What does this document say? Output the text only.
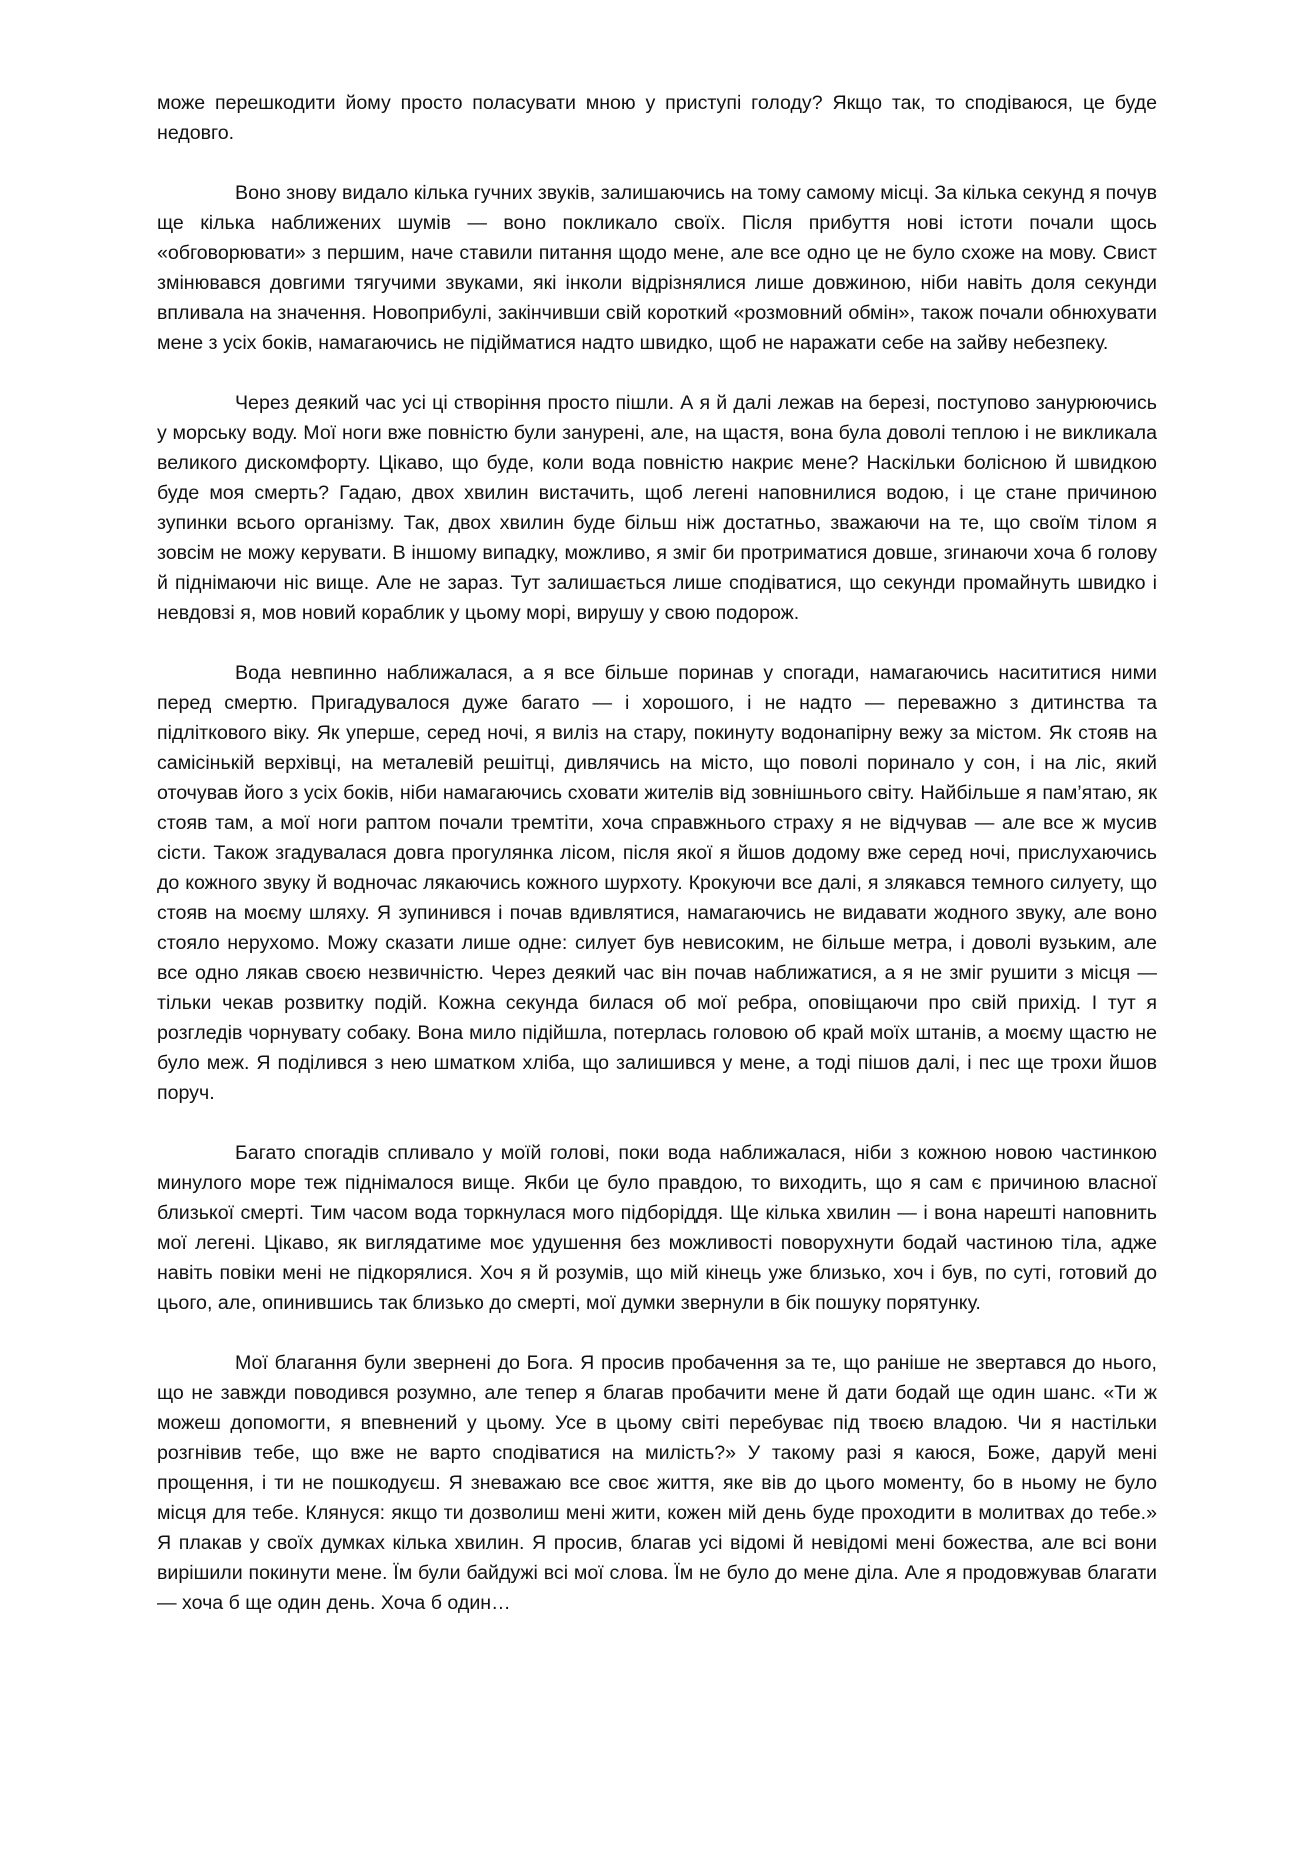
може перешкодити йому просто поласувати мною у приступі голоду? Якщо так, то сподіваюся, це буде недовго.

Воно знову видало кілька гучних звуків, залишаючись на тому самому місці. За кілька секунд я почув ще кілька наближених шумів — воно покликало своїх. Після прибуття нові істоти почали щось «обговорювати» з першим, наче ставили питання щодо мене, але все одно це не було схоже на мову. Свист змінювався довгими тягучими звуками, які інколи відрізнялися лише довжиною, ніби навіть доля секунди впливала на значення. Новоприбулі, закінчивши свій короткий «розмовний обмін», також почали обнюхувати мене з усіх боків, намагаючись не підійматися надто швидко, щоб не наражати себе на зайву небезпеку.

Через деякий час усі ці створіння просто пішли. А я й далі лежав на березі, поступово занурюючись у морську воду. Мої ноги вже повністю були занурені, але, на щастя, вона була доволі теплою і не викликала великого дискомфорту. Цікаво, що буде, коли вода повністю накриє мене? Наскільки болісною й швидкою буде моя смерть? Гадаю, двох хвилин вистачить, щоб легені наповнилися водою, і це стане причиною зупинки всього організму. Так, двох хвилин буде більш ніж достатньо, зважаючи на те, що своїм тілом я зовсім не можу керувати. В іншому випадку, можливо, я зміг би протриматися довше, згинаючи хоча б голову й піднімаючи ніс вище. Але не зараз. Тут залишається лише сподіватися, що секунди промайнуть швидко і невдовзі я, мов новий кораблик у цьому морі, вирушу у свою подорож.

Вода невпинно наближалася, а я все більше поринав у спогади, намагаючись насититися ними перед смертю. Пригадувалося дуже багато — і хорошого, і не надто — переважно з дитинства та підліткового віку. Як уперше, серед ночі, я виліз на стару, покинуту водонапірну вежу за містом. Як стояв на самісінькій верхівці, на металевій решітці, дивлячись на місто, що поволі поринало у сон, і на ліс, який оточував його з усіх боків, ніби намагаючись сховати жителів від зовнішнього світу. Найбільше я пам’ятаю, як стояв там, а мої ноги раптом почали тремтіти, хоча справжнього страху я не відчував — але все ж мусив сісти. Також згадувалася довга прогулянка лісом, після якої я йшов додому вже серед ночі, прислухаючись до кожного звуку й водночас лякаючись кожного шурхоту. Крокуючи все далі, я злякався темного силуету, що стояв на моєму шляху. Я зупинився і почав вдивлятися, намагаючись не видавати жодного звуку, але воно стояло нерухомо. Можу сказати лише одне: силует був невисоким, не більше метра, і доволі вузьким, але все одно лякав своєю незвичністю. Через деякий час він почав наближатися, а я не зміг рушити з місця — тільки чекав розвитку подій. Кожна секунда билася об мої ребра, оповіщаючи про свій прихід. І тут я розгледів чорнувату собаку. Вона мило підійшла, потерлась головою об край моїх штанів, а моєму щастю не було меж. Я поділився з нею шматком хліба, що залишився у мене, а тоді пішов далі, і пес ще трохи йшов поруч.

Багато спогадів спливало у моїй голові, поки вода наближалася, ніби з кожною новою частинкою минулого море теж піднімалося вище. Якби це було правдою, то виходить, що я сам є причиною власної близької смерті. Тим часом вода торкнулася мого підборіддя. Ще кілька хвилин — і вона нарешті наповнить мої легені. Цікаво, як виглядатиме моє удушення без можливості поворухнути бодай частиною тіла, адже навіть повіки мені не підкорялися. Хоч я й розумів, що мій кінець уже близько, хоч і був, по суті, готовий до цього, але, опинившись так близько до смерті, мої думки звернули в бік пошуку порятунку.

Мої благання були звернені до Бога. Я просив пробачення за те, що раніше не звертався до нього, що не завжди поводився розумно, але тепер я благав пробачити мене й дати бодай ще один шанс. «Ти ж можеш допомогти, я впевнений у цьому. Усе в цьому світі перебуває під твоєю владою. Чи я настільки розгнівив тебе, що вже не варто сподіватися на милість?» У такому разі я каюся, Боже, даруй мені прощення, і ти не пошкодуєш. Я зневажаю все своє життя, яке вів до цього моменту, бо в ньому не було місця для тебе. Клянуся: якщо ти дозволиш мені жити, кожен мій день буде проходити в молитвах до тебе.» Я плакав у своїх думках кілька хвилин. Я просив, благав усі відомі й невідомі мені божества, але всі вони вирішили покинути мене. Їм були байдужі всі мої слова. Їм не було до мене діла. Але я продовжував благати — хоча б ще один день. Хоча б один…
